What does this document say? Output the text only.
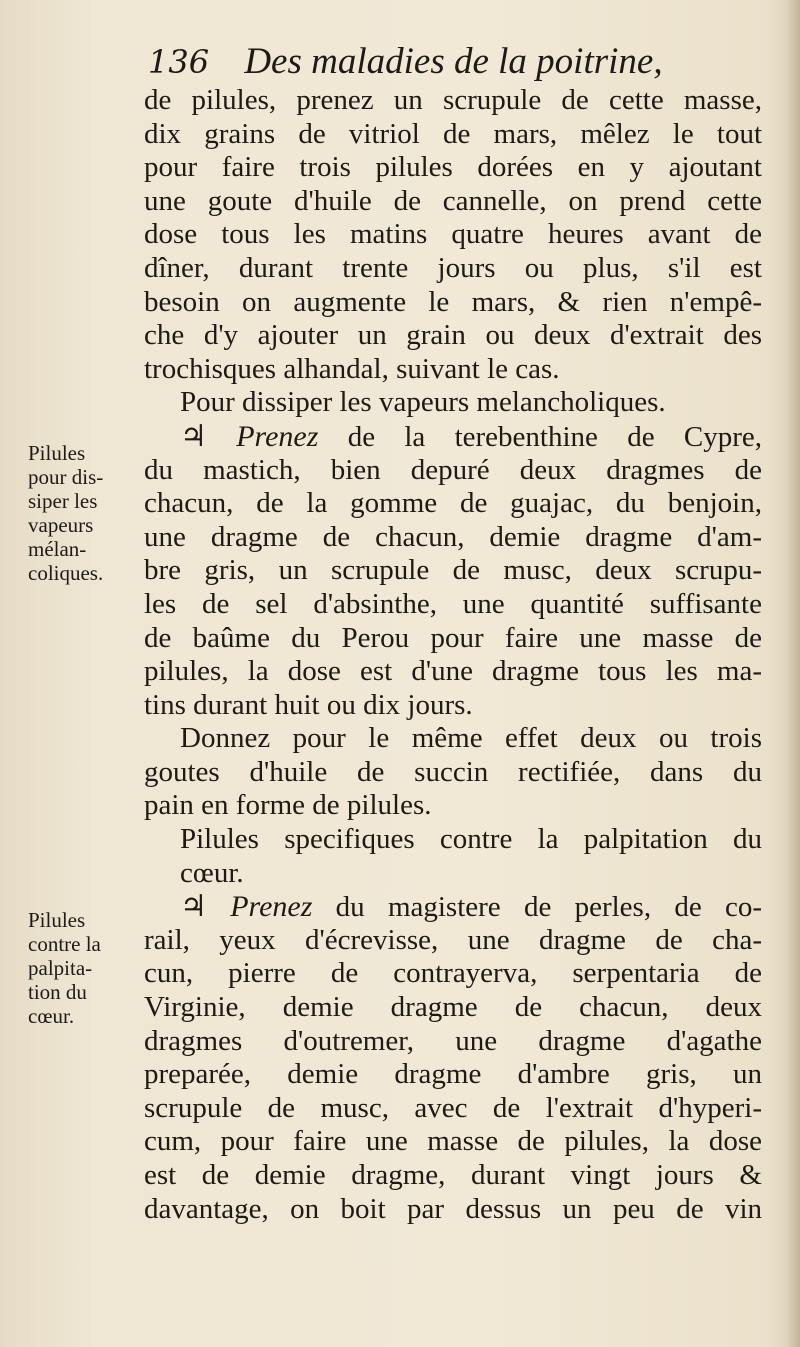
136 Des maladies de la poitrine,
Pilules
pour dis-
siper les
vapeurs
mélan-
coliques.
Pilules
contre la
palpita-
tion du
cœur.
de pilules, prenez un scrupule de cette masse,
dix grains de vitriol de mars, mêlez le tout
pour faire trois pilules dorées en y ajoutant
une goute d'huile de cannelle, on prend cette
dose tous les matins quatre heures avant de
dîner, durant trente jours ou plus, s'il est
besoin on augmente le mars, & rien n'empê-
che d'y ajouter un grain ou deux d'extrait des
trochisques alhandal, suivant le cas.
Pour dissiper les vapeurs melancholiques.
♃ Prenez de la terebenthine de Cypre,
du mastich, bien depuré deux dragmes de
chacun, de la gomme de guajac, du benjoin,
une dragme de chacun, demie dragme d'am-
bre gris, un scrupule de musc, deux scrupu-
les de sel d'absinthe, une quantité suffisante
de baûme du Perou pour faire une masse de
pilules, la dose est d'une dragme tous les ma-
tins durant huit ou dix jours.
Donnez pour le même effet deux ou trois
goutes d'huile de succin rectifiée, dans du
pain en forme de pilules.
Pilules specifiques contre la palpitation du
cœur.
♃ Prenez du magistere de perles, de co-
rail, yeux d'écrevisse, une dragme de cha-
cun, pierre de contrayerva, serpentaria de
Virginie, demie dragme de chacun, deux
dragmes d'outremer, une dragme d'agathe
preparée, demie dragme d'ambre gris, un
scrupule de musc, avec de l'extrait d'hyperi-
cum, pour faire une masse de pilules, la dose
est de demie dragme, durant vingt jours &
davantage, on boit par dessus un peu de vin
